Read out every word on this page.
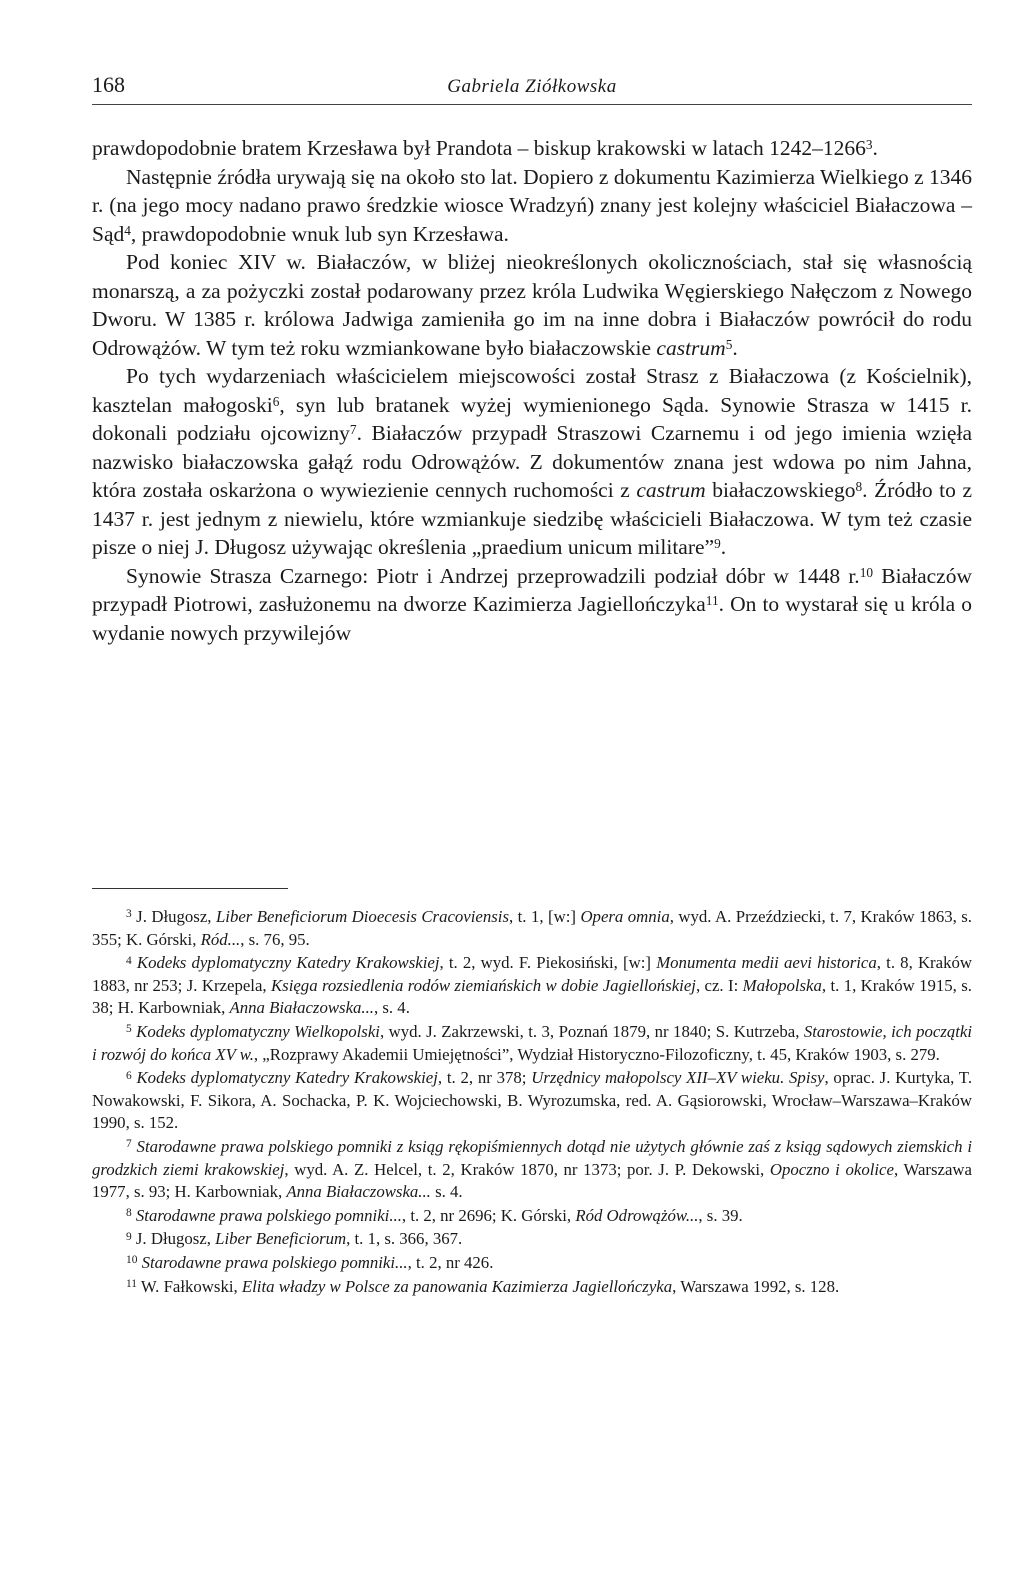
168	Gabriela Ziółkowska

prawdopodobnie bratem Krzesława był Prandota – biskup krakowski w latach 1242–1266$^3$.

Następnie źródła urywają się na około sto lat. Dopiero z dokumentu Kazimierza Wielkiego z 1346 r. (na jego mocy nadano prawo średzkie wiosce Wradzyń) znany jest kolejny właściciel Białaczowa – Sąd$^4$, prawdopodobnie wnuk lub syn Krzesława.

Pod koniec XIV w. Białaczów, w bliżej nieokreślonych okolicznościach, stał się własnością monarszą, a za pożyczki został podarowany przez króla Ludwika Węgierskiego Nałęczom z Nowego Dworu. W 1385 r. królowa Jadwiga zamieniła go im na inne dobra i Białaczów powrócił do rodu Odrowążów. W tym też roku wzmiankowane było białaczowskie castrum$^5$.

Po tych wydarzeniach właścicielem miejscowości został Strasz z Białaczowa (z Kościelnik), kasztelan małogoski$^6$, syn lub bratanek wyżej wymienionego Sąda. Synowie Strasza w 1415 r. dokonali podziału ojcowizny$^7$. Białaczów przypadł Straszowi Czarnemu i od jego imienia wzięła nazwisko białaczowska gałąź rodu Odrowążów. Z dokumentów znana jest wdowa po nim Jahna, która została oskarżona o wywiezienie cennych ruchomości z castrum białaczowskiego$^8$. Źródło to z 1437 r. jest jednym z niewielu, które wzmiankuje siedzibę właścicieli Białaczowa. W tym też czasie pisze o niej J. Długosz używając określenia „praedium unicum militare”$^9$.

Synowie Strasza Czarnego: Piotr i Andrzej przeprowadzili podział dóbr w 1448 r.$^{10}$ Białaczów przypadł Piotrowi, zasłużonemu na dworze Kazimierza Jagiellończyka$^{11}$. On to wystarał się u króla o wydanie nowych przywilejów

$^3$ J. Długosz, Liber Beneficiorum Dioecesis Cracoviensis, t. 1, [w:] Opera omnia, wyd. A. Przeździecki, t. 7, Kraków 1863, s. 355; K. Górski, Ród..., s. 76, 95.

$^4$ Kodeks dyplomatyczny Katedry Krakowskiej, t. 2, wyd. F. Piekosiński, [w:] Monumenta medii aevi historica, t. 8, Kraków 1883, nr 253; J. Krzepela, Księga rozsiedlenia rodów ziemiańskich w dobie Jagiellońskiej, cz. I: Małopolska, t. 1, Kraków 1915, s. 38; H. Karbowniak, Anna Białaczowska..., s. 4.

$^5$ Kodeks dyplomatyczny Wielkopolski, wyd. J. Zakrzewski, t. 3, Poznań 1879, nr 1840; S. Kutrzeba, Starostowie, ich początki i rozwój do końca XV w., „Rozprawy Akademii Umiejętności”, Wydział Historyczno-Filozoficzny, t. 45, Kraków 1903, s. 279.

$^6$ Kodeks dyplomatyczny Katedry Krakowskiej, t. 2, nr 378; Urzędnicy małopolscy XII–XV wieku. Spisy, oprac. J. Kurtyka, T. Nowakowski, F. Sikora, A. Sochacka, P. K. Wojciechowski, B. Wyrozumska, red. A. Gąsiorowski, Wrocław–Warszawa–Kraków 1990, s. 152.

$^7$ Starodawne prawa polskiego pomniki z ksiąg rękopiśmiennych dotąd nie użytych głównie zaś z ksiąg sądowych ziemskich i grodzkich ziemi krakowskiej, wyd. A. Z. Helcel, t. 2, Kraków 1870, nr 1373; por. J. P. Dekowski, Opoczno i okolice, Warszawa 1977, s. 93; H. Karbowniak, Anna Białaczowska... s. 4.

$^8$ Starodawne prawa polskiego pomniki..., t. 2, nr 2696; K. Górski, Ród Odrowążów..., s. 39.

$^9$ J. Długosz, Liber Beneficiorum, t. 1, s. 366, 367.

$^{10}$ Starodawne prawa polskiego pomniki..., t. 2, nr 426.

$^{11}$ W. Fałkowski, Elita władzy w Polsce za panowania Kazimierza Jagiellończyka, Warszawa 1992, s. 128.
